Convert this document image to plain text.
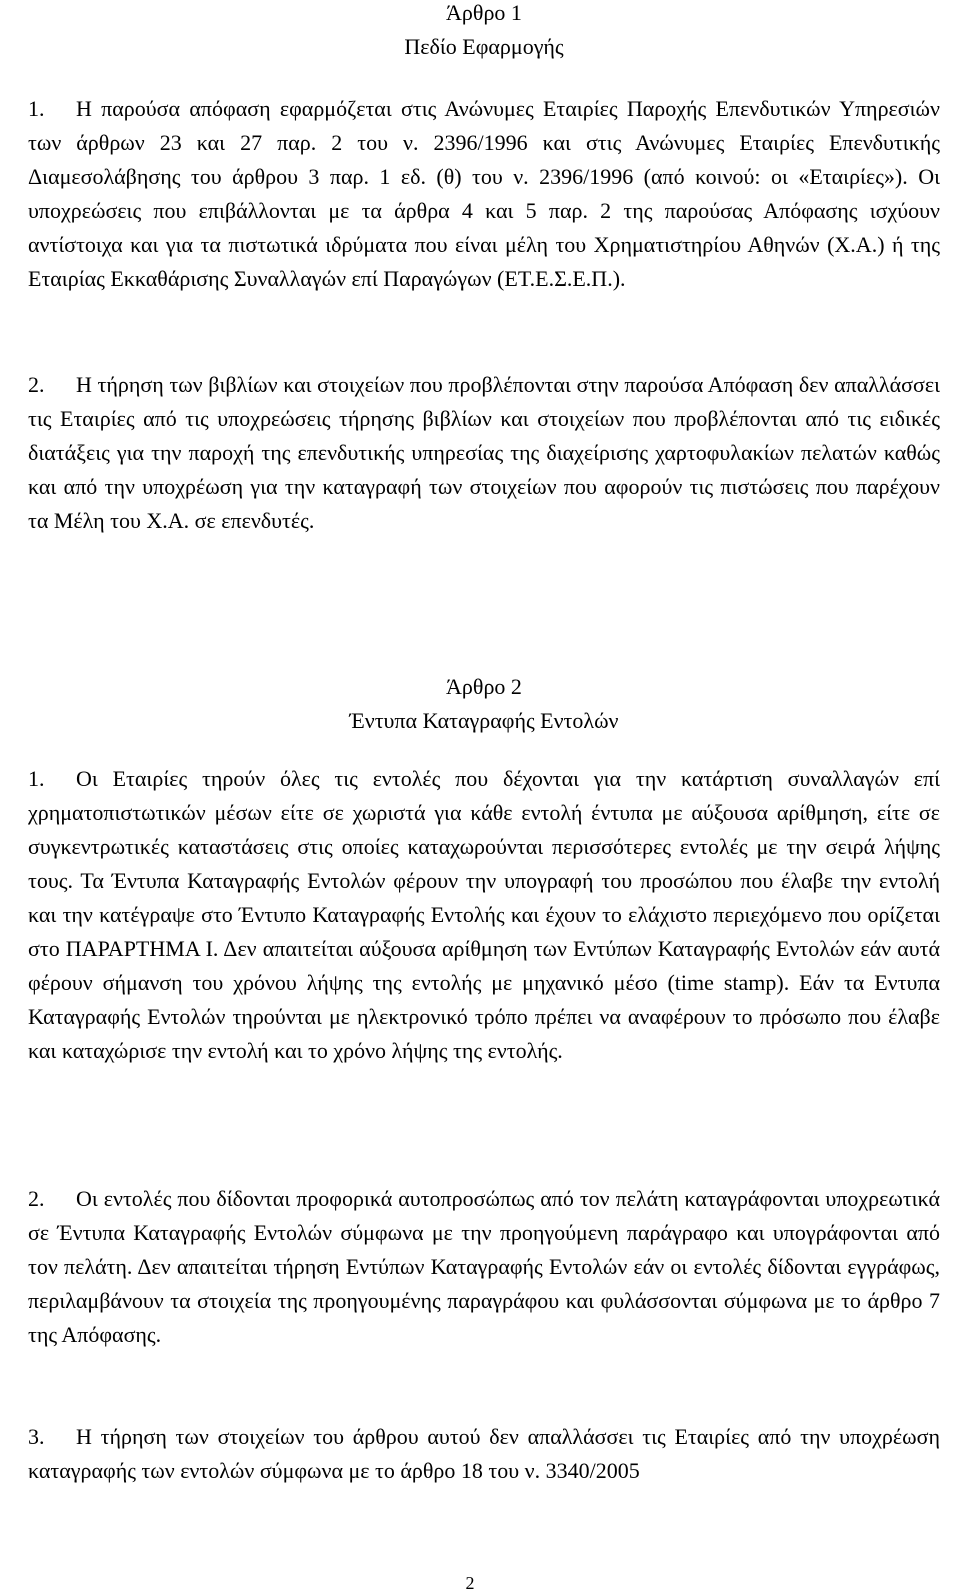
Άρθρο 1
Πεδίο Εφαρμογής

1. Η παρούσα απόφαση εφαρμόζεται στις Ανώνυμες Εταιρίες Παροχής Επενδυτικών Υπηρεσιών των άρθρων 23 και 27 παρ. 2 του ν. 2396/1996 και στις Ανώνυμες Εταιρίες Επενδυτικής Διαμεσολάβησης του άρθρου 3 παρ. 1 εδ. (θ) του ν. 2396/1996 (από κοινού: οι «Εταιρίες»). Οι υποχρεώσεις που επιβάλλονται με τα άρθρα 4 και 5 παρ. 2 της παρούσας Απόφασης ισχύουν αντίστοιχα και για τα πιστωτικά ιδρύματα που είναι μέλη του Χρηματιστηρίου Αθηνών (Χ.Α.) ή της Εταιρίας Εκκαθάρισης Συναλλαγών επί Παραγώγων (ΕΤ.Ε.Σ.Ε.Π.).

2. Η τήρηση των βιβλίων και στοιχείων που προβλέπονται στην παρούσα Απόφαση δεν απαλλάσσει τις Εταιρίες από τις υποχρεώσεις τήρησης βιβλίων και στοιχείων που προβλέπονται από τις ειδικές διατάξεις για την παροχή της επενδυτικής υπηρεσίας της διαχείρισης χαρτοφυλακίων πελατών καθώς και από την υποχρέωση για την καταγραφή των στοιχείων που αφορούν τις πιστώσεις που παρέχουν τα Μέλη του Χ.Α. σε επενδυτές.

Άρθρο 2
Έντυπα Καταγραφής Εντολών

1. Οι Εταιρίες τηρούν όλες τις εντολές που δέχονται για την κατάρτιση συναλλαγών επί χρηματοπιστωτικών μέσων είτε σε χωριστά για κάθε εντολή έντυπα με αύξουσα αρίθμηση, είτε σε συγκεντρωτικές καταστάσεις στις οποίες καταχωρούνται περισσότερες εντολές με την σειρά λήψης τους. Τα Έντυπα Καταγραφής Εντολών φέρουν την υπογραφή του προσώπου που έλαβε την εντολή και την κατέγραψε στο Έντυπο Καταγραφής Εντολής και έχουν το ελάχιστο περιεχόμενο που ορίζεται στο ΠΑΡΑΡΤΗΜΑ Ι. Δεν απαιτείται αύξουσα αρίθμηση των Εντύπων Καταγραφής Εντολών εάν αυτά φέρουν σήμανση του χρόνου λήψης της εντολής με μηχανικό μέσο (time stamp). Εάν τα Εντυπα Καταγραφής Εντολών τηρούνται με ηλεκτρονικό τρόπο πρέπει να αναφέρουν το πρόσωπο που έλαβε και καταχώρισε την εντολή και το χρόνο λήψης της εντολής.

2. Οι εντολές που δίδονται προφορικά αυτοπροσώπως από τον πελάτη καταγράφονται υποχρεωτικά σε Έντυπα Καταγραφής Εντολών σύμφωνα με την προηγούμενη παράγραφο και υπογράφονται από τον πελάτη. Δεν απαιτείται τήρηση Εντύπων Καταγραφής Εντολών εάν οι εντολές δίδονται εγγράφως, περιλαμβάνουν τα στοιχεία της προηγουμένης παραγράφου και φυλάσσονται σύμφωνα με το άρθρο 7 της Απόφασης.

3. Η τήρηση των στοιχείων του άρθρου αυτού δεν απαλλάσσει τις Εταιρίες από την υποχρέωση καταγραφής των εντολών σύμφωνα με το άρθρο 18 του ν. 3340/2005

2
